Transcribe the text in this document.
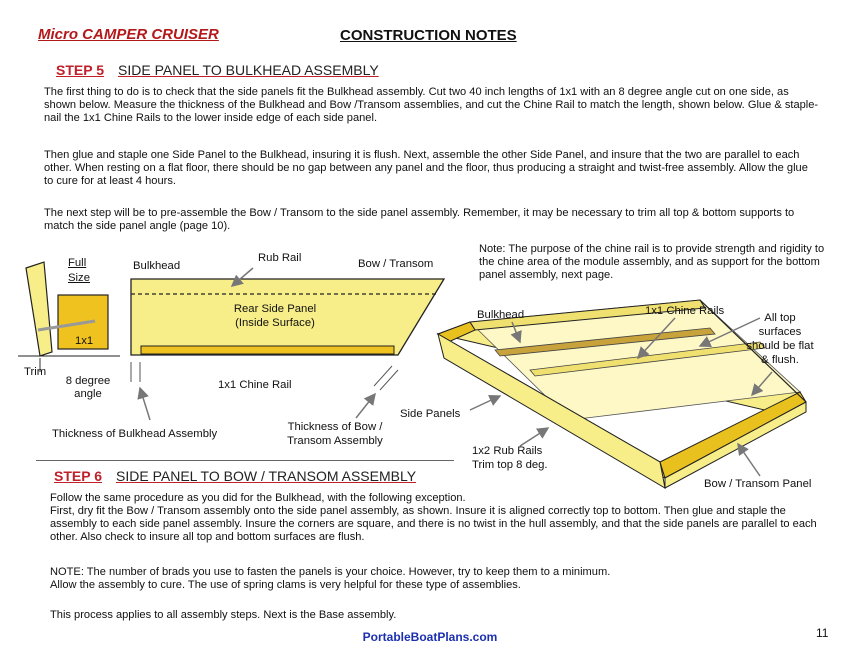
Micro CAMPER CRUISER	CONSTRUCTION NOTES
STEP 5 SIDE PANEL TO BULKHEAD ASSEMBLY
The first thing to do is to check that the side panels fit the Bulkhead assembly. Cut two 40 inch lengths of 1x1 with an 8 degree angle cut on one side, as shown below. Measure the thickness of the Bulkhead and Bow /Transom assemblies, and cut the Chine Rail to match the length, shown below. Glue & staple-nail the 1x1 Chine Rails to the lower inside edge of each side panel.
Then glue and staple one Side Panel to the Bulkhead, insuring it is flush. Next, assemble the other Side Panel, and insure that the two are parallel to each other. When resting on a flat floor, there should be no gap between any panel and the floor, thus producing a straight and twist-free assembly. Allow the glue to cure for at least 4 hours.
The next step will be to pre-assemble the Bow / Transom to the side panel assembly. Remember, it may be necessary to trim all top & bottom supports to match the side panel angle (page 10).
Note: The purpose of the chine rail is to provide strength and rigidity to the chine area of the module assembly, and as support for the bottom panel assembly, next page.
Full
Size
1x1
Trim
8 degree
angle
Bulkhead
Rub Rail	Bow / Transom
Rear Side Panel
(Inside Surface)
1x1 Chine Rail
Thickness of Bulkhead Assembly
Thickness of Bow /
Transom Assembly
Bulkhead	1x1 Chine Rails
All top
surfaces
should be flat
& flush.
Side Panels
1x2 Rub Rails
Trim top 8 deg.
Bow / Transom Panel
STEP 6 SIDE PANEL TO BOW / TRANSOM ASSEMBLY
Follow the same procedure as you did for the Bulkhead, with the following exception.
First, dry fit the Bow / Transom assembly onto the side panel assembly, as shown. Insure it is aligned correctly top to bottom. Then glue and staple the assembly to each side panel assembly. Insure the corners are square, and there is no twist in the hull assembly, and that the side panels are parallel to each other. Also check to insure all top and bottom surfaces are flush.
NOTE: The number of brads you use to fasten the panels is your choice. However, try to keep them to a minimum.
Allow the assembly to cure. The use of spring clams is very helpful for these type of assemblies.
This process applies to all assembly steps. Next is the Base assembly.
PortableBoatPlans.com	11
